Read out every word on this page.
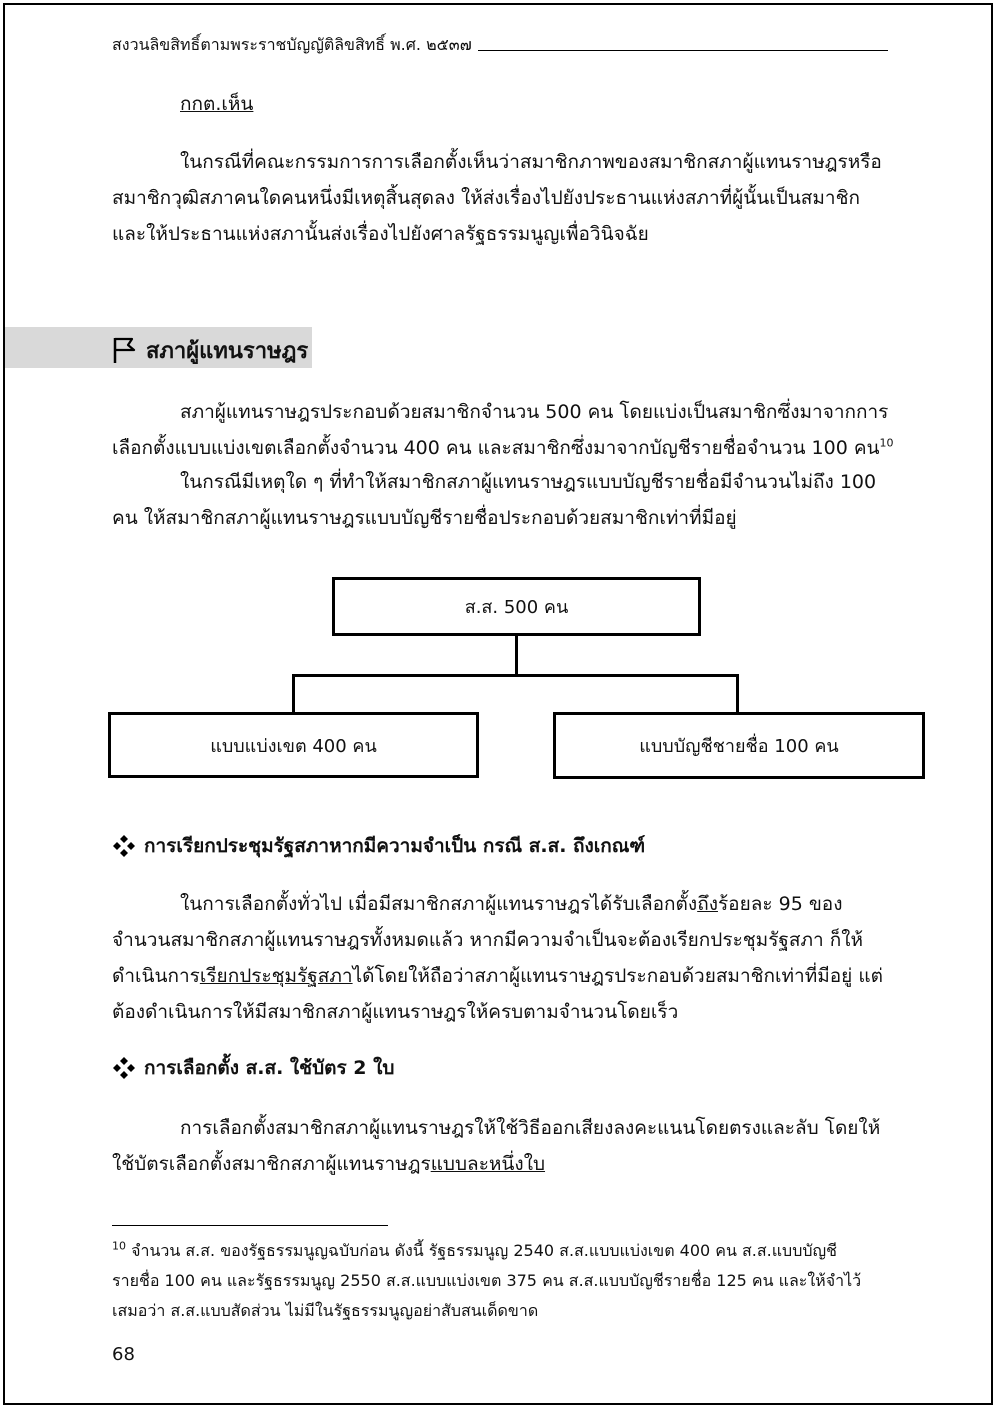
สงวนลิขสิทธิ์ตามพระราชบัญญัติลิขสิทธิ์ พ.ศ. ๒๕๓๗
กกต.เห็น
ในกรณีที่คณะกรรมการการเลือกตั้งเห็นว่าสมาชิกภาพของสมาชิกสภาผู้แทนราษฎรหรือ
สมาชิกวุฒิสภาคนใดคนหนึ่งมีเหตุสิ้นสุดลง ให้ส่งเรื่องไปยังประธานแห่งสภาที่ผู้นั้นเป็นสมาชิก
และให้ประธานแห่งสภานั้นส่งเรื่องไปยังศาลรัฐธรรมนูญเพื่อวินิจฉัย
สภาผู้แทนราษฎร
สภาผู้แทนราษฎรประกอบด้วยสมาชิกจำนวน 500 คน โดยแบ่งเป็นสมาชิกซึ่งมาจากการ
เลือกตั้งแบบแบ่งเขตเลือกตั้งจำนวน 400 คน และสมาชิกซึ่งมาจากบัญชีรายชื่อจำนวน 100 คน$^{10}$
ในกรณีมีเหตุใด ๆ ที่ทำให้สมาชิกสภาผู้แทนราษฎรแบบบัญชีรายชื่อมีจำนวนไม่ถึง 100
คน ให้สมาชิกสภาผู้แทนราษฎรแบบบัญชีรายชื่อประกอบด้วยสมาชิกเท่าที่มีอยู่
ส.ส. 500 คน
แบบแบ่งเขต 400 คน	แบบบัญชีชายชื่อ 100 คน
การเรียกประชุมรัฐสภาหากมีความจำเป็น กรณี ส.ส. ถึงเกณฑ์
ในการเลือกตั้งทั่วไป เมื่อมีสมาชิกสภาผู้แทนราษฎรได้รับเลือกตั้งถึงร้อยละ 95 ของ
จำนวนสมาชิกสภาผู้แทนราษฎรทั้งหมดแล้ว หากมีความจำเป็นจะต้องเรียกประชุมรัฐสภา ก็ให้
ดำเนินการเรียกประชุมรัฐสภาได้โดยให้ถือว่าสภาผู้แทนราษฎรประกอบด้วยสมาชิกเท่าที่มีอยู่ แต่
ต้องดำเนินการให้มีสมาชิกสภาผู้แทนราษฎรให้ครบตามจำนวนโดยเร็ว
การเลือกตั้ง ส.ส. ใช้บัตร 2 ใบ
การเลือกตั้งสมาชิกสภาผู้แทนราษฎรให้ใช้วิธีออกเสียงลงคะแนนโดยตรงและลับ โดยให้
ใช้บัตรเลือกตั้งสมาชิกสภาผู้แทนราษฎรแบบละหนึ่งใบ
$^{10}$ จำนวน ส.ส. ของรัฐธรรมนูญฉบับก่อน ดังนี้ รัฐธรรมนูญ 2540 ส.ส.แบบแบ่งเขต 400 คน ส.ส.แบบบัญชี
รายชื่อ 100 คน และรัฐธรรมนูญ 2550 ส.ส.แบบแบ่งเขต 375 คน ส.ส.แบบบัญชีรายชื่อ 125 คน และให้จำไว้
เสมอว่า ส.ส.แบบสัดส่วน ไม่มีในรัฐธรรมนูญอย่าสับสนเด็ดขาด
68
